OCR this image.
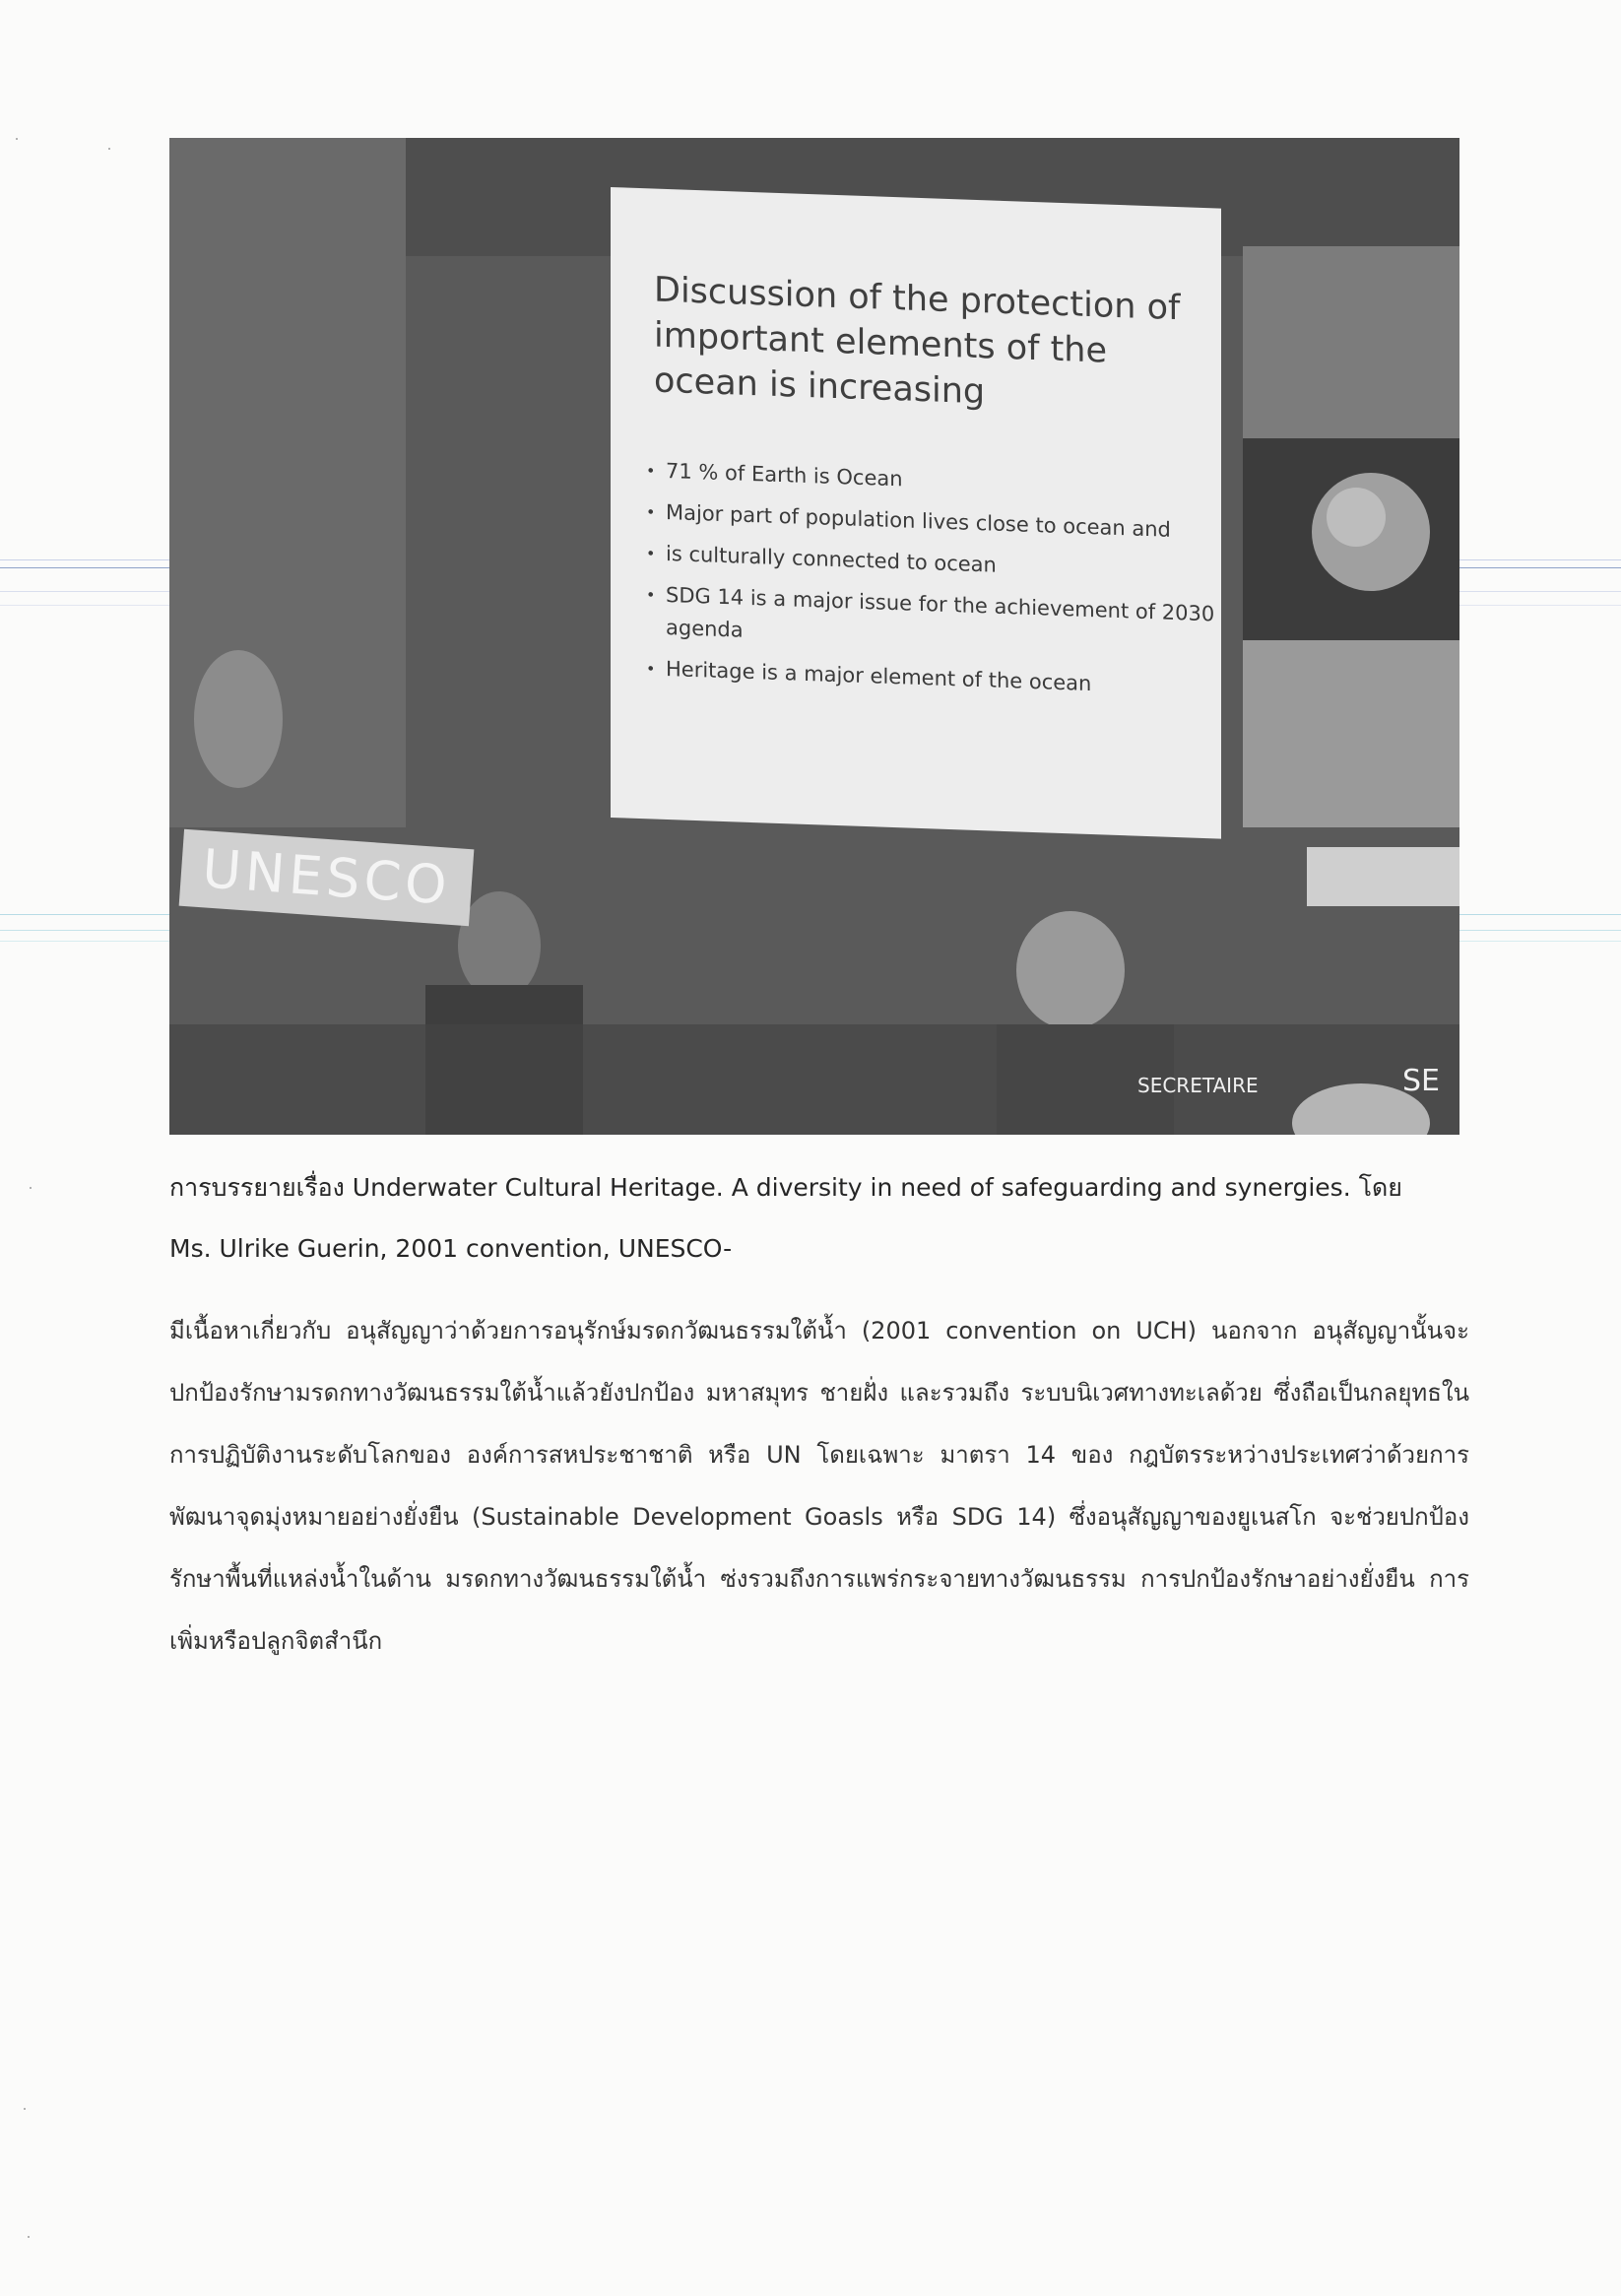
Discussion of the protection of important elements of the ocean is increasing
• 71 % of Earth is Ocean
• Major part of population lives close to ocean and
• is culturally connected to ocean
• SDG 14 is a major issue for the achievement of 2030 agenda
• Heritage is a major element of the ocean
UNESCO
SECRETAIRE	SE

การบรรยายเรื่อง Underwater Cultural Heritage. A diversity in need of safeguarding and synergies. โดย Ms. Ulrike Guerin, 2001 convention, UNESCO-

มีเนื้อหาเกี่ยวกับ อนุสัญญาว่าด้วยการอนุรักษ์มรดกวัฒนธรรมใต้น้ำ (2001 convention on UCH) นอกจาก อนุสัญญานั้นจะปกป้องรักษามรดกทางวัฒนธรรมใต้น้ำแล้วยังปกป้อง มหาสมุทร ชายฝั่ง และรวมถึง ระบบนิเวศทางทะเลด้วย ซึ่งถือเป็นกลยุทธในการปฏิบัติงานระดับโลกของ องค์การสหประชาชาติ หรือ UN โดยเฉพาะ มาตรา 14 ของ กฎบัตรระหว่างประเทศว่าด้วยการพัฒนาจุดมุ่งหมายอย่างยั่งยืน (Sustainable Development Goasls หรือ SDG 14) ซึ่งอนุสัญญาของยูเนสโก จะช่วยปกป้องรักษาพื้นที่แหล่งน้ำในด้าน มรดกทางวัฒนธรรมใต้น้ำ ซ่งรวมถึงการแพร่กระจายทางวัฒนธรรม การปกป้องรักษาอย่างยั่งยืน การเพิ่มหรือปลูกจิตสำนึก
